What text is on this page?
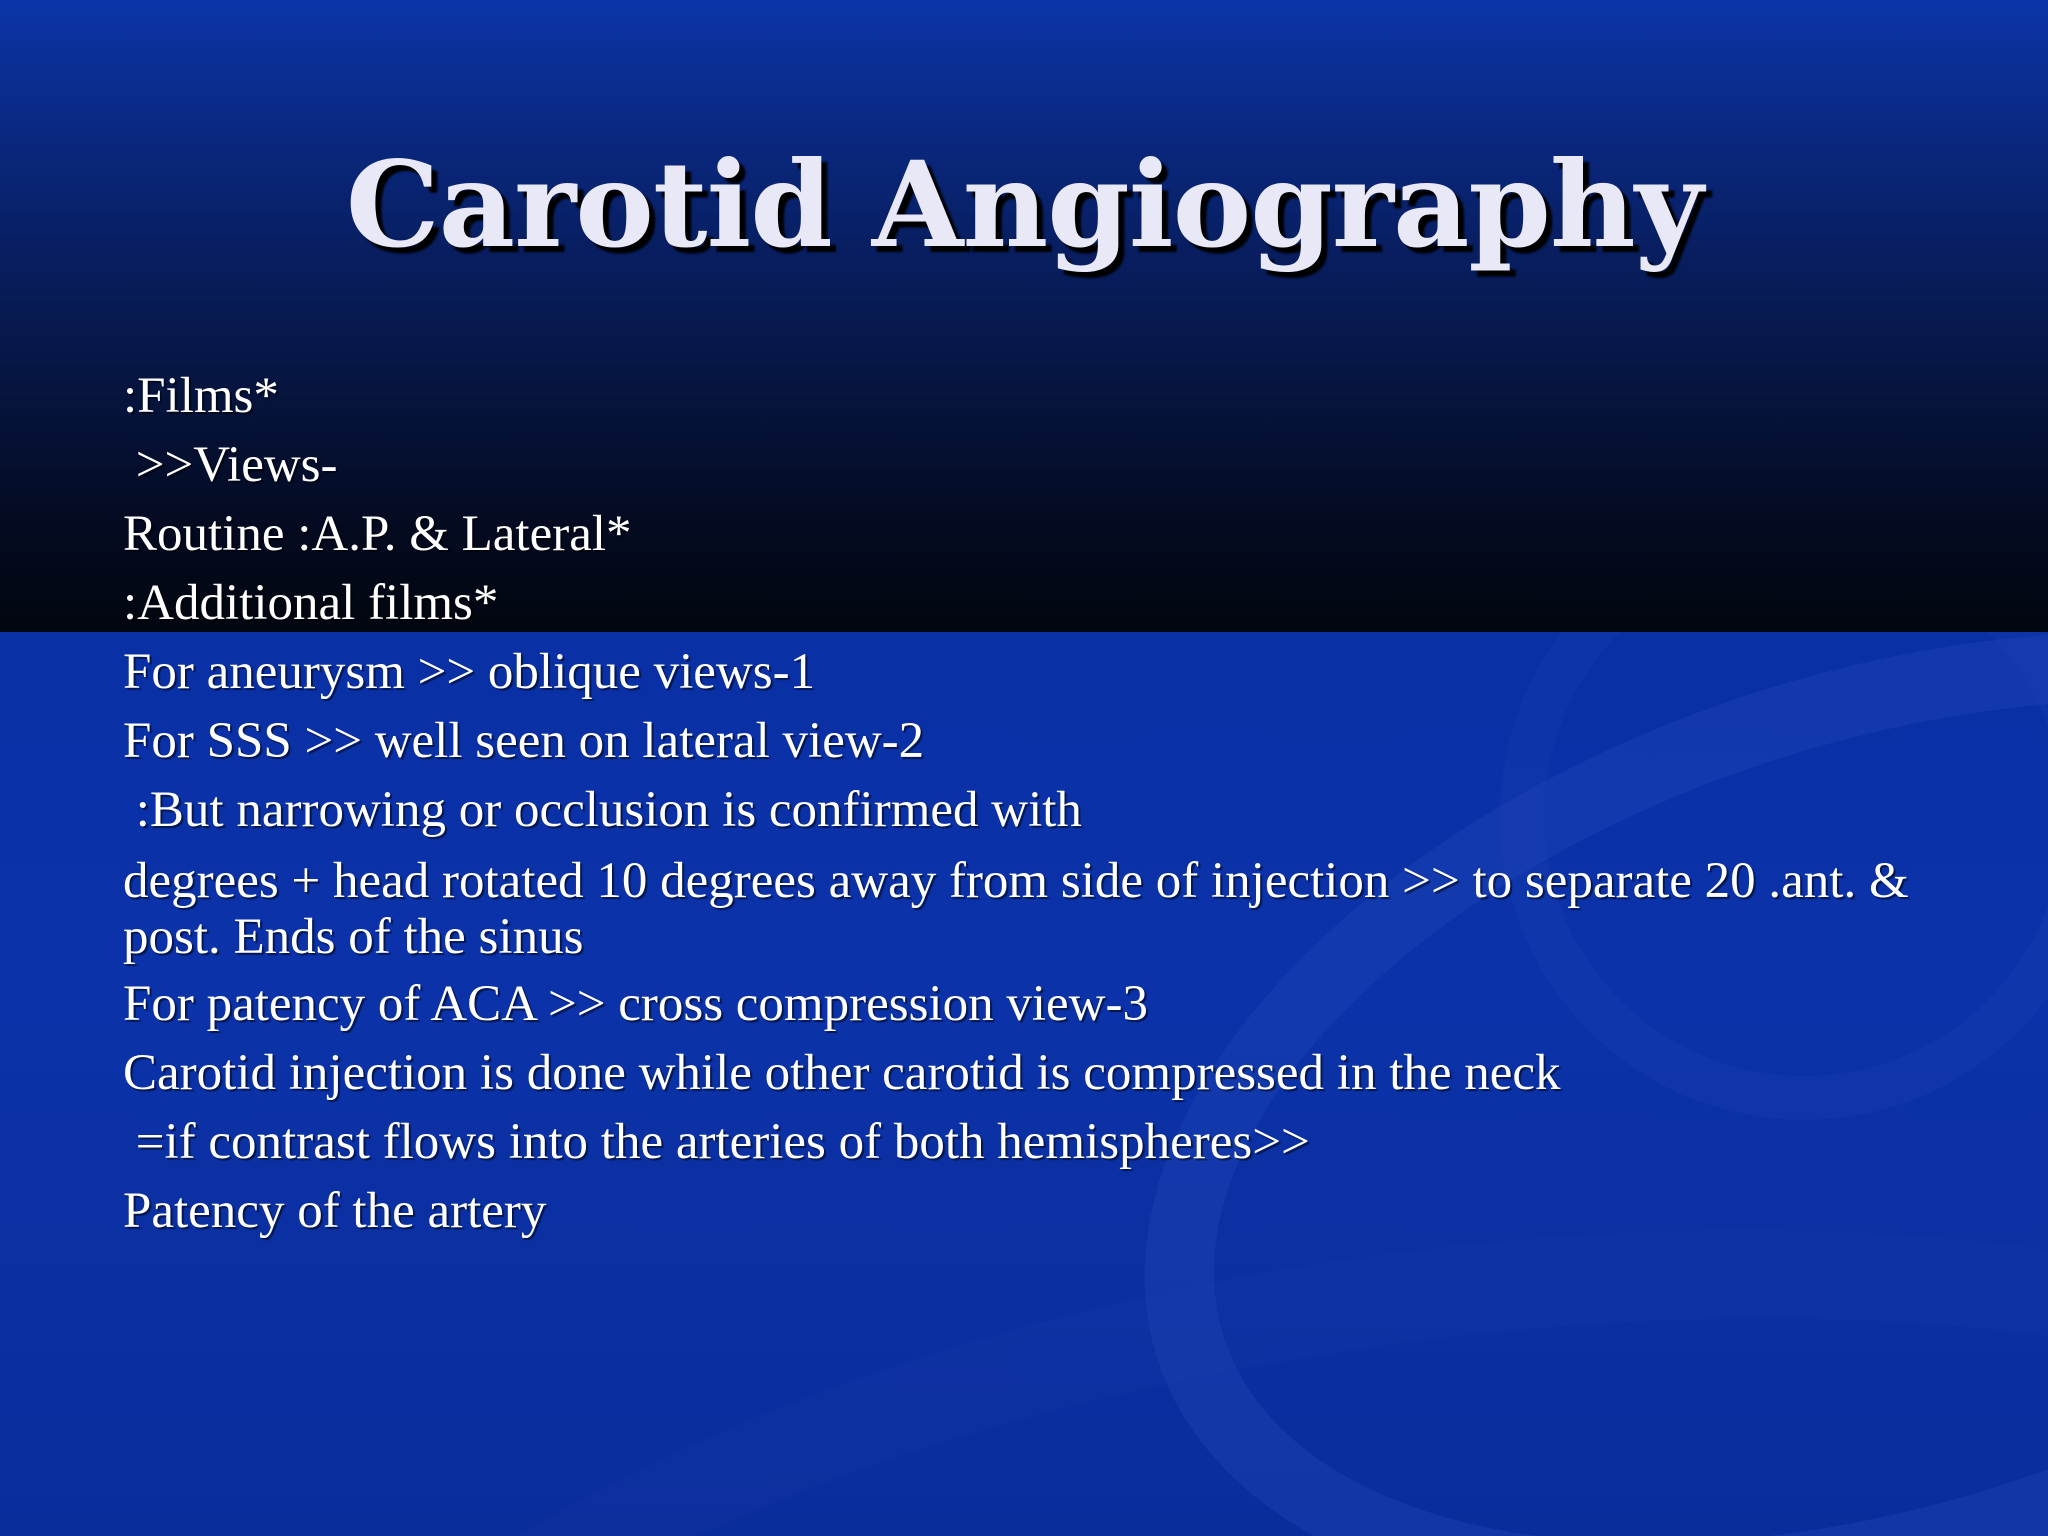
Carotid Angiography
:Films*
>>Views-
Routine :A.P. & Lateral*
:Additional films*
For aneurysm >> oblique views-1
For SSS >> well seen on lateral view-2
:But narrowing or occlusion is confirmed with
degrees + head rotated 10 degrees away from side of injection >> to separate 20 .ant. & post. Ends of the sinus
For patency of ACA >> cross compression view-3
Carotid injection is done while other carotid is compressed in the neck
=if contrast flows into the arteries of both hemispheres>>
Patency of the artery
